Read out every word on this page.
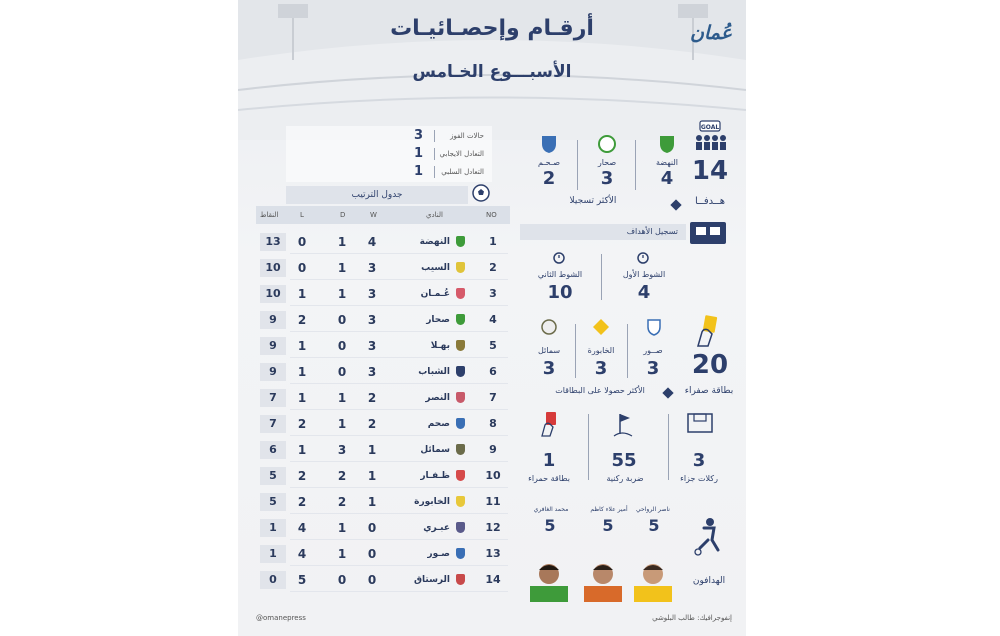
أرقـام وإحصـائيـات
الأسبـــوع الخـامس
عُمان
3	حالات الفوز
1 التعادل الايجابي
1	التعادل السلبي
جدول الترتيب
النقاط	L	D	W	النادي	NO
13	0	1	4	النهضة	1
10	0	1	3	السيب	2
10	1	1	3	عُـمـان	3
9	2	0	3	صحار	4
9	1	0	3	بهـلا	5
9	1	0	3	الشباب	6
7	1	1	2	النصر	7
7	2	1	2	صحم	8
6	1	3	1	سمائل	9
5	2	2	1	ظـفـار	10
5	2	2	1	الخابورة	11
1	4	1	0	عبـري	12
1	4	1	0	صـور	13
0	5	0	0	الرستاق	14
GOAL
14
هــدفــا
النهضة
صحار
صـحـم
4
3
2
الأكثر تسجيلا
تسجيل الأهداف
الشوط الأول
الشوط الثاني
4
10
20
بطاقة صفراء
الأكثر حصولا على البطاقات
صــور
الخابورة
سمائل
3
3
3
3
55
1
ركلات جزاء
ضربة ركنية
بطاقة حمراء
الهدافون
ناصر الرواحي
أمير علاء كاظم
محمد الغافري
5
5
5
@omanepress	إنفوجرافيك: طالب البلوشي
